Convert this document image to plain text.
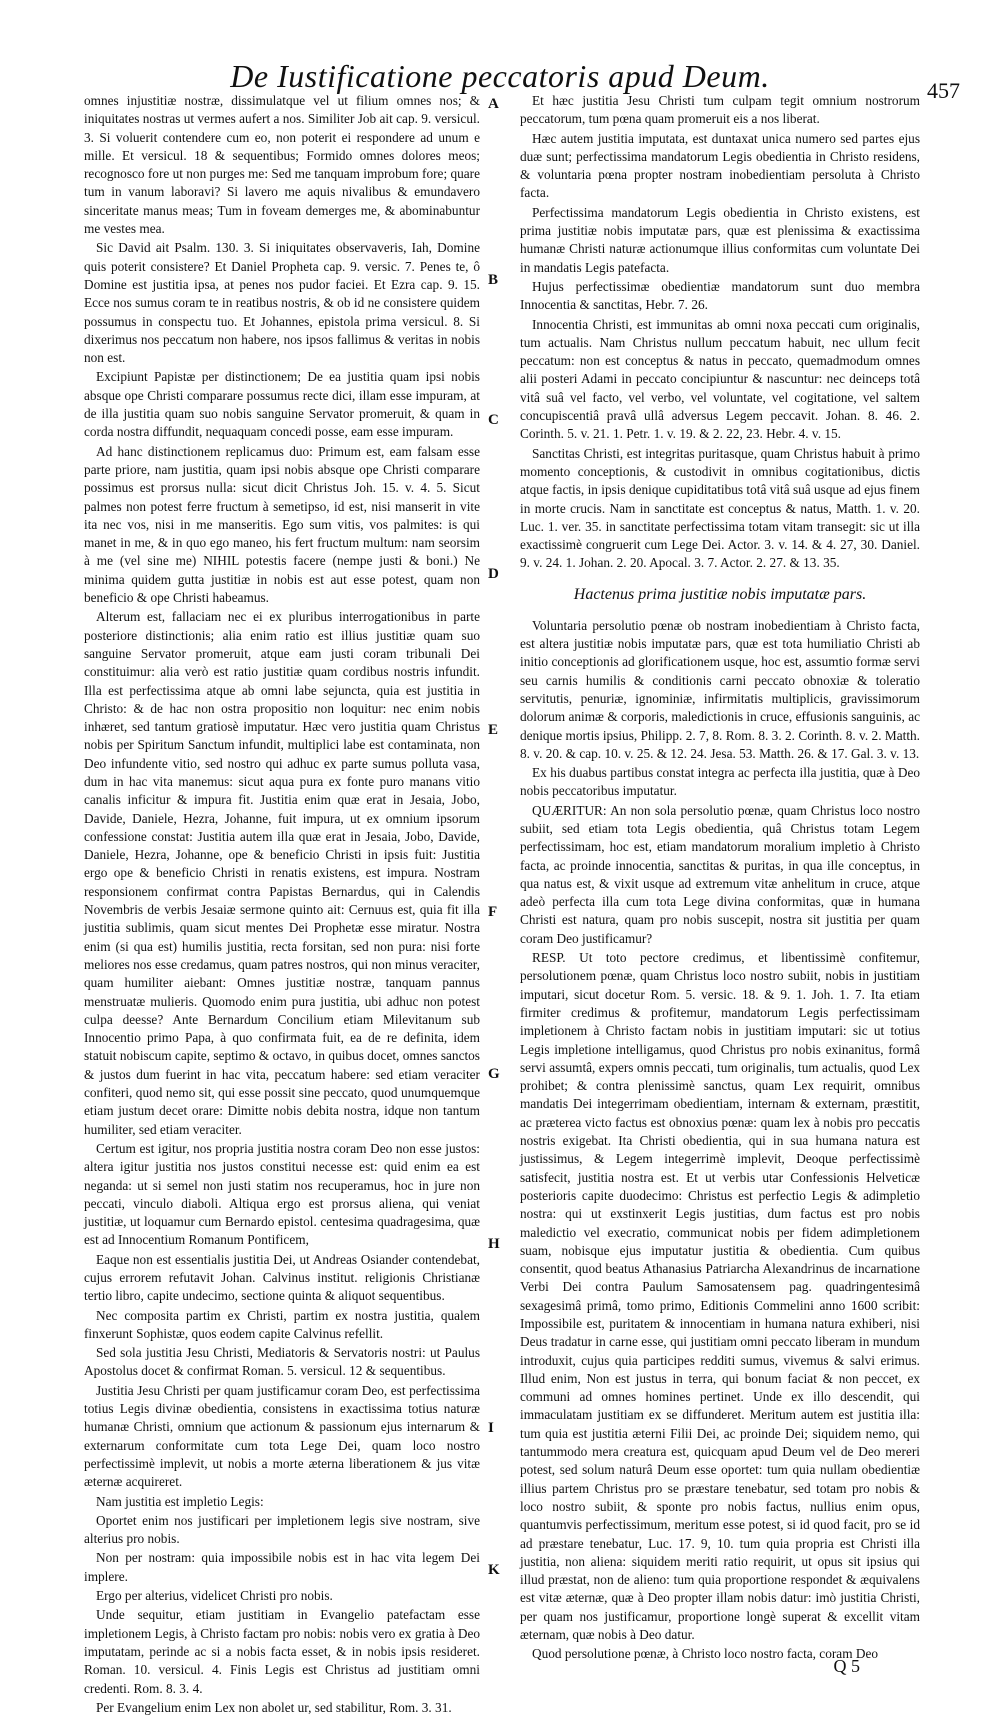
De Iustificatione peccatoris apud Deum.	457

omnes injustitiæ nostræ, dissimulatque vel ut filium omnes nos; & iniquitates nostras ut vermes aufert a nos. Similiter Job ait cap. 9. versicul. 3. Si voluerit contendere cum eo, non poterit ei respondere ad unum e mille. Et versicul. 18 & sequentibus; Formido omnes dolores meos; recognosco fore ut non purges me: Sed me tanquam improbum fore; quare tum in vanum laboravi? Si lavero me aquis nivalibus & emundavero sinceritate manus meas; Tum in foveam demerges me, & abominabuntur me vestes mea.

Sic David ait Psalm. 130. 3. Si iniquitates observaveris, Iah, Domine quis poterit consistere? Et Daniel Propheta cap. 9. versic. 7. Penes te, ô Domine est justitia ipsa, at penes nos pudor faciei. Et Ezra cap. 9. 15. Ecce nos sumus coram te in reatibus nostris, & ob id ne consistere quidem possumus in conspectu tuo. Et Johannes, epistola prima versicul. 8. Si dixerimus nos peccatum non habere, nos ipsos fallimus & veritas in nobis non est.

Excipiunt Papistæ per distinctionem; De ea justitia quam ipsi nobis absque ope Christi comparare possumus recte dici, illam esse impuram, at de illa justitia quam suo nobis sanguine Servator promeruit, & quam in corda nostra diffundit, nequaquam concedi posse, eam esse impuram.

Ad hanc distinctionem replicamus duo: Primum est, eam falsam esse parte priore, nam justitia, quam ipsi nobis absque ope Christi comparare possimus est prorsus nulla: sicut dicit Christus Joh. 15. v. 4. 5. Sicut palmes non potest ferre fructum à semetipso, id est, nisi manserit in vite ita nec vos, nisi in me manseritis. Ego sum vitis, vos palmites: is qui manet in me, & in quo ego maneo, his fert fructum multum: nam seorsim à me (vel sine me) NIHIL potestis facere (nempe justi & boni.) Ne minima quidem gutta justitiæ in nobis est aut esse potest, quam non beneficio & ope Christi habeamus.

Alterum est, fallaciam nec ei ex pluribus interrogationibus in parte posteriore distinctionis; alia enim ratio est illius justitiæ quam suo sanguine Servator promeruit, atque eam justi coram tribunali Dei constituimur: alia verò est ratio justitiæ quam cordibus nostris infundit. Illa est perfectissima atque ab omni labe sejuncta, quia est justitia in Christo: & de hac non ostra propositio non loquitur: nec enim nobis inhæret, sed tantum gratiosè imputatur. Hæc vero justitia quam Christus nobis per Spiritum Sanctum infundit, multiplici labe est contaminata, non Deo infundente vitio, sed nostro qui adhuc ex parte sumus polluta vasa, dum in hac vita manemus: sicut aqua pura ex fonte puro manans vitio canalis inficitur & impura fit. Justitia enim quæ erat in Jesaia, Jobo, Davide, Daniele, Hezra, Johanne, fuit impura, ut ex omnium ipsorum confessione constat: Justitia autem illa quæ erat in Jesaia, Jobo, Davide, Daniele, Hezra, Johanne, ope & beneficio Christi in ipsis fuit: Justitia ergo ope & beneficio Christi in renatis existens, est impura. Nostram responsionem confirmat contra Papistas Bernardus, qui in Calendis Novembris de verbis Jesaiæ sermone quinto ait: Cernuus est, quia fit illa justitia sublimis, quam sicut mentes Dei Prophetæ esse miratur. Nostra enim (si qua est) humilis justitia, recta forsitan, sed non pura: nisi forte meliores nos esse credamus, quam patres nostros, qui non minus veraciter, quam humiliter aiebant: Omnes justitiæ nostræ, tanquam pannus menstruatæ mulieris. Quomodo enim pura justitia, ubi adhuc non potest culpa deesse? Ante Bernardum Concilium etiam Milevitanum sub Innocentio primo Papa, à quo confirmata fuit, ea de re definita, idem statuit nobiscum capite, septimo & octavo, in quibus docet, omnes sanctos & justos dum fuerint in hac vita, peccatum habere: sed etiam veraciter confiteri, quod nemo sit, qui esse possit sine peccato, quod unumquemque etiam justum decet orare: Dimitte nobis debita nostra, idque non tantum humiliter, sed etiam veraciter.

Certum est igitur, nos propria justitia nostra coram Deo non esse justos: altera igitur justitia nos justos constitui necesse est: quid enim ea est neganda: ut si semel non justi statim nos recuperamus, hoc in jure non peccati, vinculo diaboli. Altiqua ergo est prorsus aliena, qui veniat justitiæ, ut loquamur cum Bernardo epistol. centesima quadragesima, quæ est ad Innocentium Romanum Pontificem,

Eaque non est essentialis justitia Dei, ut Andreas Osiander contendebat, cujus errorem refutavit Johan. Calvinus institut. religionis Christianæ tertio libro, capite undecimo, sectione quinta & aliquot sequentibus.

Nec composita partim ex Christi, partim ex nostra justitia, qualem finxerunt Sophistæ, quos eodem capite Calvinus refellit.

Sed sola justitia Jesu Christi, Mediatoris & Servatoris nostri: ut Paulus Apostolus docet & confirmat Roman. 5. versicul. 12 & sequentibus.

Justitia Jesu Christi per quam justificamur coram Deo, est perfectissima totius Legis divinæ obedientia, consistens in exactissima totius naturæ humanæ Christi, omnium que actionum & passionum ejus internarum & externarum conformitate cum tota Lege Dei, quam loco nostro perfectissimè implevit, ut nobis a morte æterna liberationem & jus vitæ æternæ acquireret.

Nam justitia est impletio Legis:

Oportet enim nos justificari per impletionem legis sive nostram, sive alterius pro nobis.

Non per nostram: quia impossibile nobis est in hac vita legem Dei implere.

Ergo per alterius, videlicet Christi pro nobis.

Unde sequitur, etiam justitiam in Evangelio patefactam esse impletionem Legis, à Christo factam pro nobis: nobis vero ex gratia à Deo imputatam, perinde ac si a nobis facta esset, & in nobis ipsis resideret. Roman. 10. versicul. 4. Finis Legis est Christus ad justitiam omni credenti. Rom. 8. 3. 4.

Per Evangelium enim Lex non abolet ur, sed stabilitur, Rom. 3. 31.

A
B
C
D
E
F
G
H
I
K

Et hæc justitia Jesu Christi tum culpam tegit omnium nostrorum peccatorum, tum pœna quam promeruit eis a nos liberat.

Hæc autem justitia imputata, est duntaxat unica numero sed partes ejus duæ sunt; perfectissima mandatorum Legis obedientia in Christo residens, & voluntaria pœna propter nostram inobedientiam persoluta à Christo facta.

Perfectissima mandatorum Legis obedientia in Christo existens, est prima justitiæ nobis imputatæ pars, quæ est plenissima & exactissima humanæ Christi naturæ actionumque illius conformitas cum voluntate Dei in mandatis Legis patefacta.

Hujus perfectissimæ obedientiæ mandatorum sunt duo membra Innocentia & sanctitas, Hebr. 7. 26.

Innocentia Christi, est immunitas ab omni noxa peccati cum originalis, tum actualis. Nam Christus nullum peccatum habuit, nec ullum fecit peccatum: non est conceptus & natus in peccato, quemadmodum omnes alii posteri Adami in peccato concipiuntur & nascuntur: nec deinceps totâ vitâ suâ vel facto, vel verbo, vel voluntate, vel cogitatione, vel saltem concupiscentiâ pravâ ullâ adversus Legem peccavit. Johan. 8. 46. 2. Corinth. 5. v. 21. 1. Petr. 1. v. 19. & 2. 22, 23. Hebr. 4. v. 15.

Sanctitas Christi, est integritas puritasque, quam Christus habuit à primo momento conceptionis, & custodivit in omnibus cogitationibus, dictis atque factis, in ipsis denique cupiditatibus totâ vitâ suâ usque ad ejus finem in morte crucis. Nam in sanctitate est conceptus & natus, Matth. 1. v. 20. Luc. 1. ver. 35. in sanctitate perfectissima totam vitam transegit: sic ut illa exactissimè congruerit cum Lege Dei. Actor. 3. v. 14. & 4. 27, 30. Daniel. 9. v. 24. 1. Johan. 2. 20. Apocal. 3. 7. Actor. 2. 27. & 13. 35.

Hactenus prima justitiæ nobis imputatæ pars.

Voluntaria persolutio pœnæ ob nostram inobedientiam à Christo facta, est altera justitiæ nobis imputatæ pars, quæ est tota humiliatio Christi ab initio conceptionis ad glorificationem usque, hoc est, assumtio formæ servi seu carnis humilis & conditionis carni peccato obnoxiæ & toleratio servitutis, penuriæ, ignominiæ, infirmitatis multiplicis, gravissimorum dolorum animæ & corporis, maledictionis in cruce, effusionis sanguinis, ac denique mortis ipsius, Philipp. 2. 7, 8. Rom. 8. 3. 2. Corinth. 8. v. 2. Matth. 8. v. 20. & cap. 10. v. 25. & 12. 24. Jesa. 53. Matth. 26. & 17. Gal. 3. v. 13.

Ex his duabus partibus constat integra ac perfecta illa justitia, quæ à Deo nobis peccatoribus imputatur.

QUÆRITUR: An non sola persolutio pœnæ, quam Christus loco nostro subiit, sed etiam tota Legis obedientia, quâ Christus totam Legem perfectissimam, hoc est, etiam mandatorum moralium impletio à Christo facta, ac proinde innocentia, sanctitas & puritas, in qua ille conceptus, in qua natus est, & vixit usque ad extremum vitæ anhelitum in cruce, atque adeò perfecta illa cum tota Lege divina conformitas, quæ in humana Christi est natura, quam pro nobis suscepit, nostra sit justitia per quam coram Deo justificamur?

RESP. Ut toto pectore credimus, et libentissimè confitemur, persolutionem pœnæ, quam Christus loco nostro subiit, nobis in justitiam imputari, sicut docetur Rom. 5. versic. 18. & 9. 1. Joh. 1. 7. Ita etiam firmiter credimus & profitemur, mandatorum Legis perfectissimam impletionem à Christo factam nobis in justitiam imputari: sic ut totius Legis impletione intelligamus, quod Christus pro nobis exinanitus, formâ servi assumtâ, expers omnis peccati, tum originalis, tum actualis, quod Lex prohibet; & contra plenissimè sanctus, quam Lex requirit, omnibus mandatis Dei integerrimam obedientiam, internam & externam, præstitit, ac præterea victo factus est obnoxius pœnæ: quam lex à nobis pro peccatis nostris exigebat. Ita Christi obedientia, qui in sua humana natura est justissimus, & Legem integerrimè implevit, Deoque perfectissimè satisfecit, justitia nostra est. Et ut verbis utar Confessionis Helveticæ posterioris capite duodecimo: Christus est perfectio Legis & adimpletio nostra: qui ut exstinxerit Legis justitias, dum factus est pro nobis maledictio vel execratio, communicat nobis per fidem adimpletionem suam, nobisque ejus imputatur justitia & obedientia. Cum quibus consentit, quod beatus Athanasius Patriarcha Alexandrinus de incarnatione Verbi Dei contra Paulum Samosatensem pag. quadringentesimâ sexagesimâ primâ, tomo primo, Editionis Commelini anno 1600 scribit: Impossibile est, puritatem & innocentiam in humana natura exhiberi, nisi Deus tradatur in carne esse, qui justitiam omni peccato liberam in mundum introduxit, cujus quia participes redditi sumus, vivemus & salvi erimus. Illud enim, Non est justus in terra, qui bonum faciat & non peccet, ex communi ad omnes homines pertinet. Unde ex illo descendit, qui immaculatam justitiam ex se diffunderet. Meritum autem est justitia illa: tum quia est justitia æterni Filii Dei, ac proinde Dei; siquidem nemo, qui tantummodo mera creatura est, quicquam apud Deum vel de Deo mereri potest, sed solum naturâ Deum esse oportet: tum quia nullam obedientiæ illius partem Christus pro se præstare tenebatur, sed totam pro nobis & loco nostro subiit, & sponte pro nobis factus, nullius enim opus, quantumvis perfectissimum, meritum esse potest, si id quod facit, pro se id ad præstare tenebatur, Luc. 17. 9, 10. tum quia propria est Christi illa justitia, non aliena: siquidem meriti ratio requirit, ut opus sit ipsius qui illud præstat, non de alieno: tum quia proportione respondet & æquivalens est vitæ æternæ, quæ à Deo propter illam nobis datur: imò justitia Christi, per quam nos justificamur, proportione longè superat & excellit vitam æternam, quæ nobis à Deo datur.

Quod persolutione pœnæ, à Christo loco nostro facta, coram Deo

Q 5
